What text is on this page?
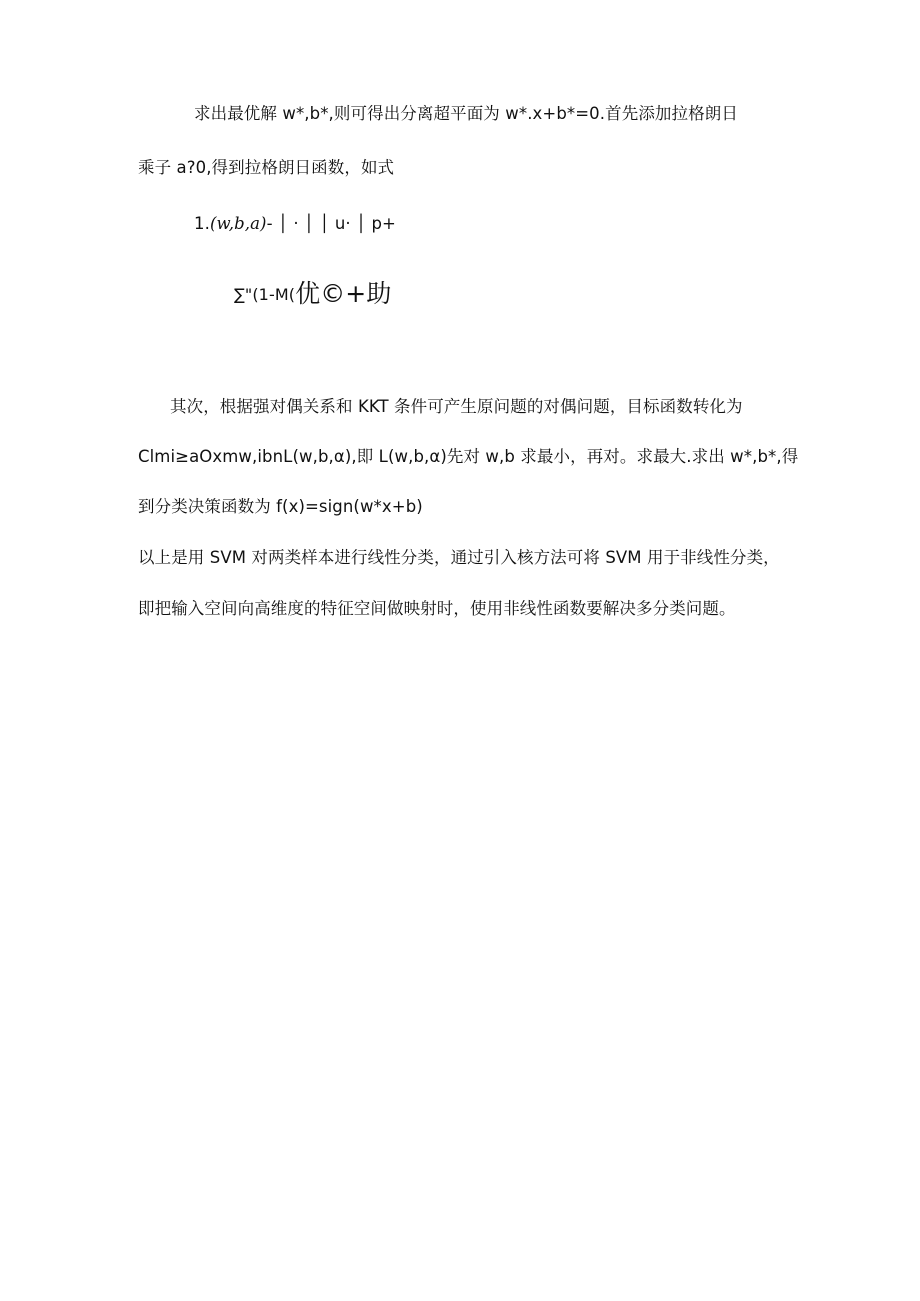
求出最优解 w*,b*,则可得出分离超平面为 w*.x+b*=0.首先添加拉格朗日
乘子 a?0,得到拉格朗日函数，如式
1.(w,b,a)- │ · │ │ u· │ p+
∑"(1-M(优©+助
其次，根据强对偶关系和 KKT 条件可产生原问题的对偶问题，目标函数转化为
Clmi≥aOxmw,ibnL(w,b,α),即 L(w,b,α)先对 w,b 求最小，再对。求最大.求出 w*,b*,得
到分类决策函数为 f(x)=sign(w*x+b)
以上是用 SVM 对两类样本进行线性分类，通过引入核方法可将 SVM 用于非线性分类，
即把输入空间向高维度的特征空间做映射时，使用非线性函数要解决多分类问题。
